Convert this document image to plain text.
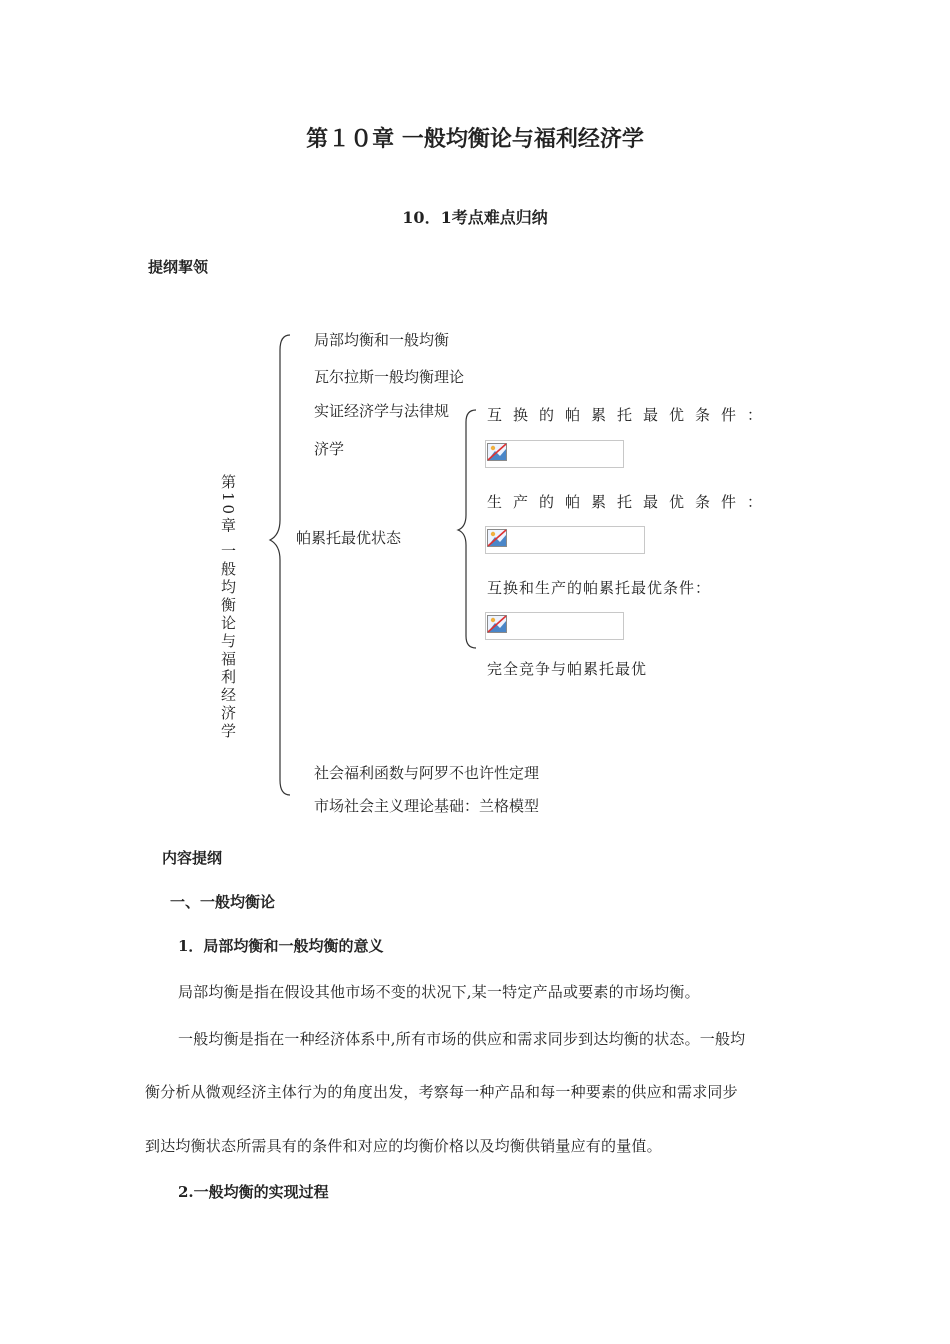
第１０章 一般均衡论与福利经济学
10．1考点难点归纳
提纲挈领
第10章 一般均衡论与福利经济学
局部均衡和一般均衡
瓦尔拉斯一般均衡理论
实证经济学与法律规
济学
帕累托最优状态
社会福利函数与阿罗不也许性定理
市场社会主义理论基础：兰格模型
互换的帕累托最优条件：
生产的帕累托最优条件：
互换和生产的帕累托最优条件：
完全竞争与帕累托最优
内容提纲
一、一般均衡论
1．局部均衡和一般均衡的意义
局部均衡是指在假设其他市场不变的状况下,某一特定产品或要素的市场均衡。
一般均衡是指在一种经济体系中,所有市场的供应和需求同步到达均衡的状态。一般均
衡分析从微观经济主体行为的角度出发，考察每一种产品和每一种要素的供应和需求同步
到达均衡状态所需具有的条件和对应的均衡价格以及均衡供销量应有的量值。
2.一般均衡的实现过程
